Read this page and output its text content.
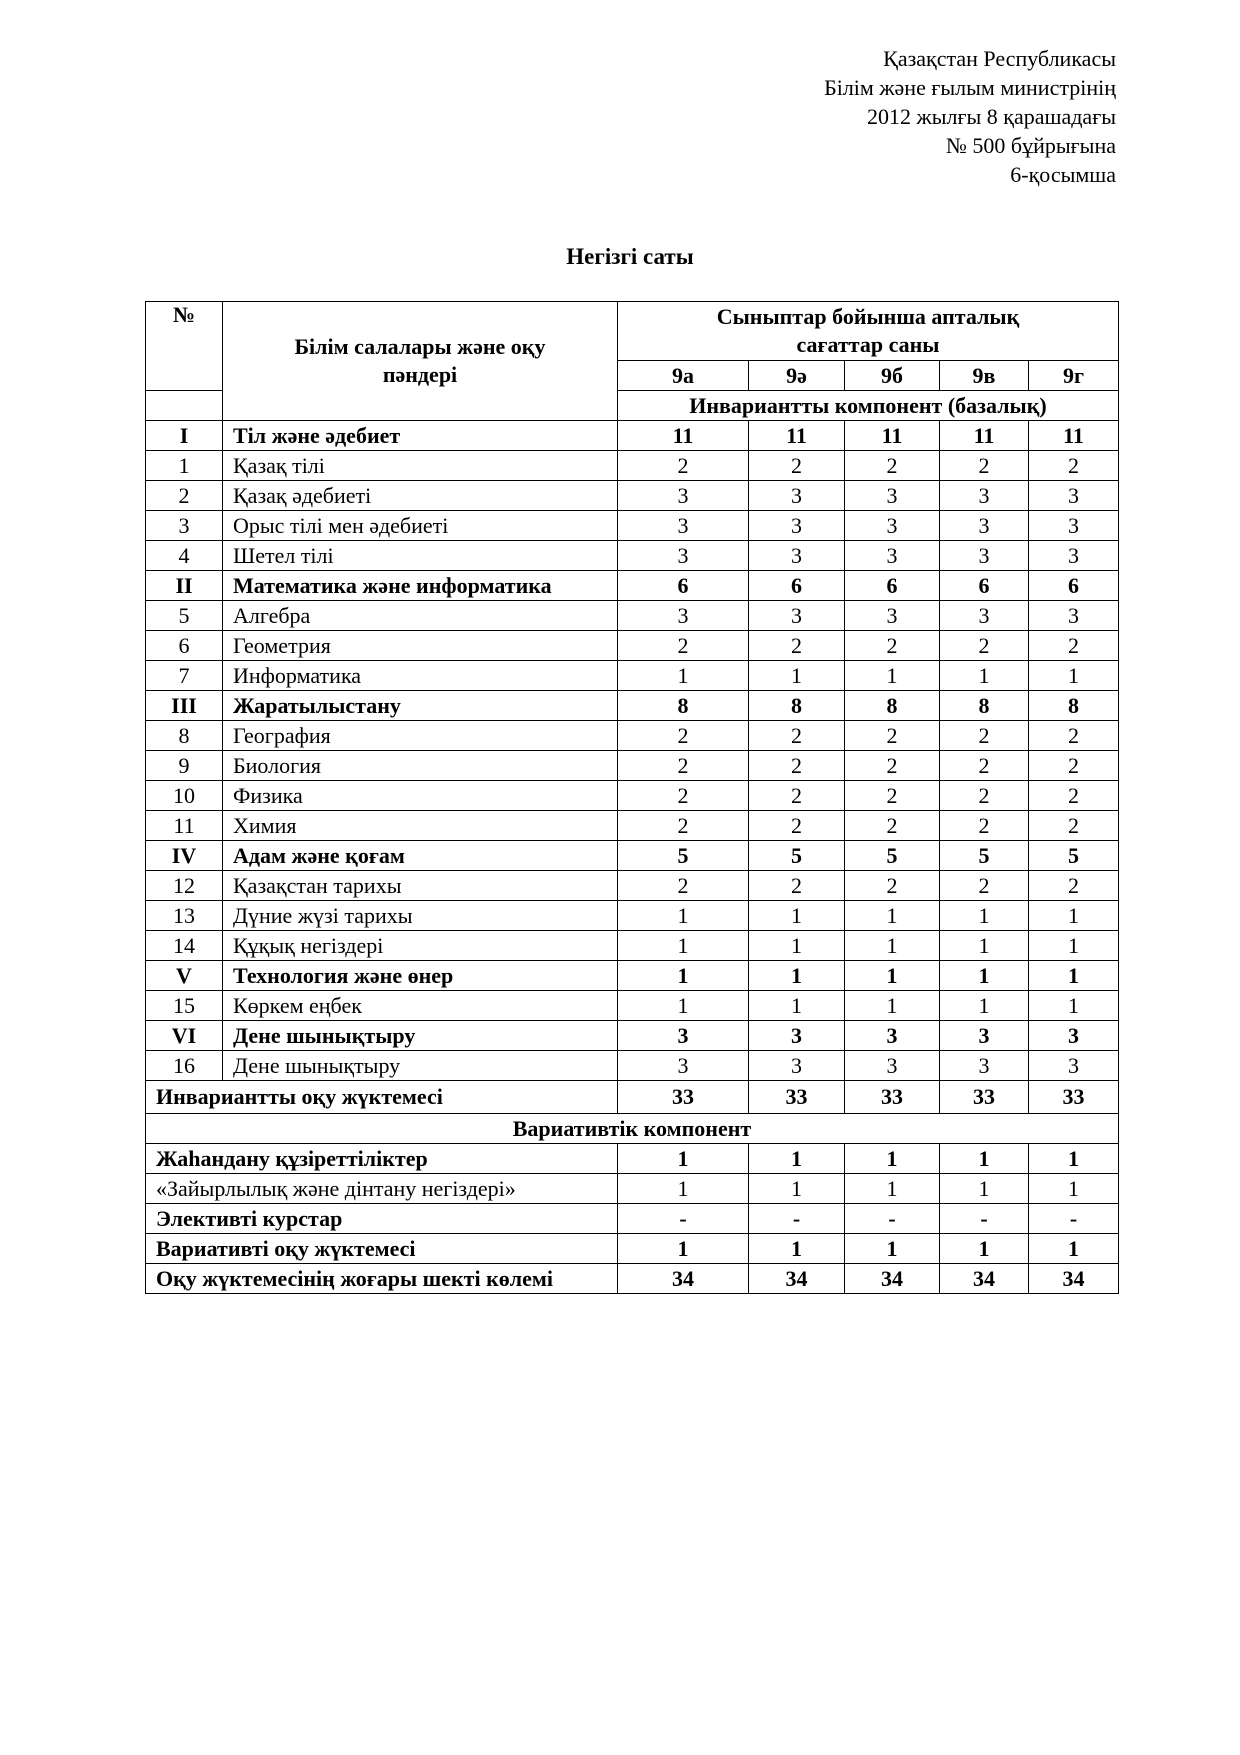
Қазақстан Республикасы
Білім және ғылым министрінің
2012 жылғы 8 қарашадағы
№ 500 бұйрығына
6-қосымша
Негізгі саты
№	Білім салалары және оқу пәндері	Сыныптар бойынша апталық сағаттар саны				
		9а	9ә	9б	9в	9г
		Инвариантты компонент (базалық)				
I	Тіл және әдебиет	11	11	11	11	11
1	Қазақ тілі	2	2	2	2	2
2	Қазақ әдебиеті	3	3	3	3	3
3	Орыс тілі мен әдебиеті	3	3	3	3	3
4	Шетел тілі	3	3	3	3	3
II	Математика және информатика	6	6	6	6	6
5	Алгебра	3	3	3	3	3
6	Геометрия	2	2	2	2	2
7	Информатика	1	1	1	1	1
III	Жаратылыстану	8	8	8	8	8
8	География	2	2	2	2	2
9	Биология	2	2	2	2	2
10	Физика	2	2	2	2	2
11	Химия	2	2	2	2	2
IV	Адам және қоғам	5	5	5	5	5
12	Қазақстан тарихы	2	2	2	2	2
13	Дүние жүзі тарихы	1	1	1	1	1
14	Құқық негіздері	1	1	1	1	1
V	Технология және өнер	1	1	1	1	1
15	Көркем еңбек	1	1	1	1	1
VI	Дене шынықтыру	3	3	3	3	3
16	Дене шынықтыру	3	3	3	3	3
Инвариантты оқу жүктемесі		33	33	33	33	33
Вариативтік компонент						
Жаһандану құзіреттіліктер		1	1	1	1	1
«Зайырлылық және дінтану негіздері»		1	1	1	1	1
Элективті курстар		-	-	-	-	-
Вариативті оқу жүктемесі		1	1	1	1	1
Оқу жүктемесінің жоғары шекті көлемі		34	34	34	34	34
